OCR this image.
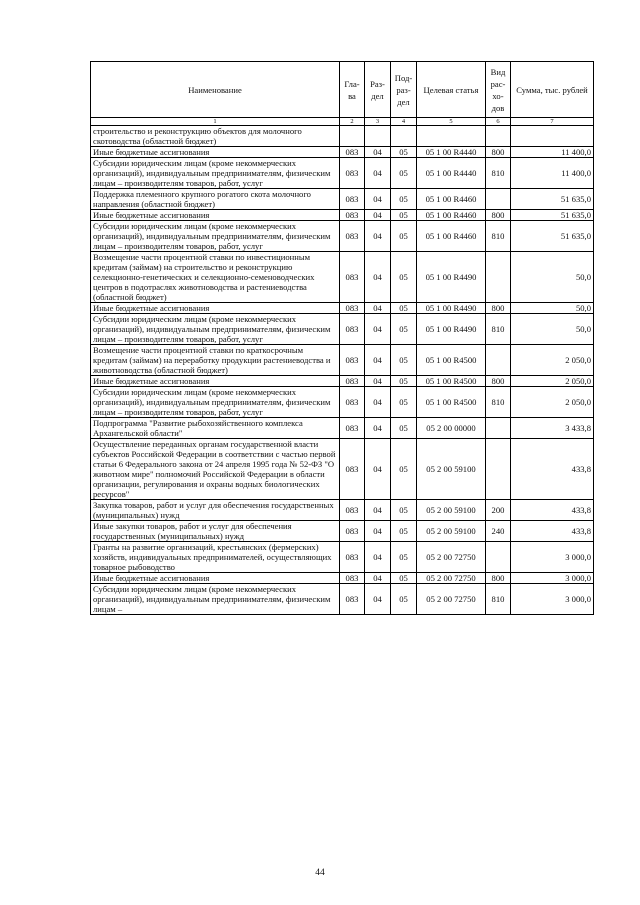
Наименование	Гла-ва	Раз-дел	Под-раз-дел	Целевая статья	Вид рас-хо-дов	Сумма, тыс. рублей
1	2	3	4	5	6	7
строительство и реконструкцию объектов для молочного скотоводства (областной бюджет)						
Иные бюджетные ассигнования	083	04	05	05 1 00 R4440	800	11 400,0
Субсидии юридическим лицам (кроме некоммерческих организаций), индивидуальным предпринимателям, физическим лицам – производителям товаров, работ, услуг	083	04	05	05 1 00 R4440	810	11 400,0
Поддержка племенного крупного рогатого скота молочного направления (областной бюджет)	083	04	05	05 1 00 R4460		51 635,0
Иные бюджетные ассигнования	083	04	05	05 1 00 R4460	800	51 635,0
Субсидии юридическим лицам (кроме некоммерческих организаций), индивидуальным предпринимателям, физическим лицам – производителям товаров, работ, услуг	083	04	05	05 1 00 R4460	810	51 635,0
Возмещение части процентной ставки по инвестиционным кредитам (займам) на строительство и реконструкцию селекционно-генетических и селекционно-семеноводческих центров в подотраслях животноводства и растениеводства (областной бюджет)	083	04	05	05 1 00 R4490		50,0
Иные бюджетные ассигнования	083	04	05	05 1 00 R4490	800	50,0
Субсидии юридическим лицам (кроме некоммерческих организаций), индивидуальным предпринимателям, физическим лицам – производителям товаров, работ, услуг	083	04	05	05 1 00 R4490	810	50,0
Возмещение части процентной ставки по краткосрочным кредитам (займам) на переработку продукции растениеводства и животноводства (областной бюджет)	083	04	05	05 1 00 R4500		2 050,0
Иные бюджетные ассигнования	083	04	05	05 1 00 R4500	800	2 050,0
Субсидии юридическим лицам (кроме некоммерческих организаций), индивидуальным предпринимателям, физическим лицам – производителям товаров, работ, услуг	083	04	05	05 1 00 R4500	810	2 050,0
Подпрограмма "Развитие рыбохозяйственного комплекса Архангельской области"	083	04	05	05 2 00 00000		3 433,8
Осуществление переданных органам государственной власти субъектов Российской Федерации в соответствии с частью первой статьи 6 Федерального закона от 24 апреля 1995 года № 52-ФЗ "О животном мире" полномочий Российской Федерации в области организации, регулирования и охраны водных биологических ресурсов"	083	04	05	05 2 00 59100		433,8
Закупка товаров, работ и услуг для обеспечения государственных (муниципальных) нужд	083	04	05	05 2 00 59100	200	433,8
Иные закупки товаров, работ и услуг для обеспечения государственных (муниципальных) нужд	083	04	05	05 2 00 59100	240	433,8
Гранты на развитие организаций, крестьянских (фермерских) хозяйств, индивидуальных предпринимателей, осуществляющих товарное рыбоводство	083	04	05	05 2 00 72750		3 000,0
Иные бюджетные ассигнования	083	04	05	05 2 00 72750	800	3 000,0
Субсидии юридическим лицам (кроме некоммерческих организаций), индивидуальным предпринимателям, физическим лицам –	083	04	05	05 2 00 72750	810	3 000,0
44
